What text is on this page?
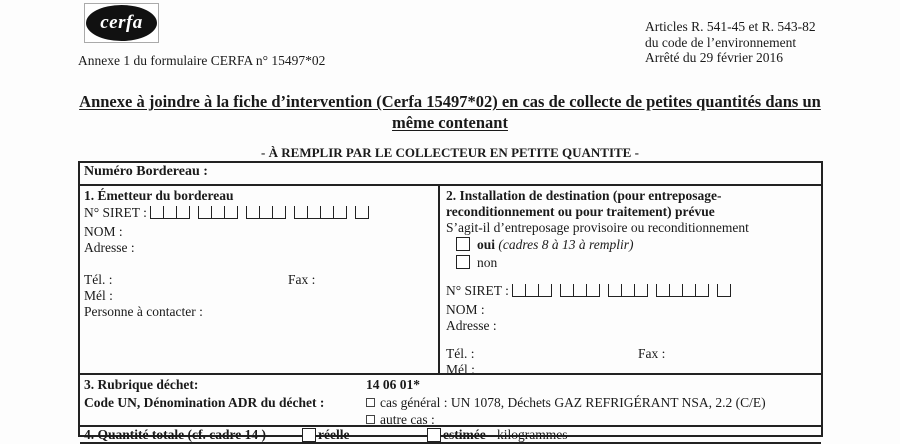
cerfa
Annexe 1 du formulaire CERFA n° 15497*02
Articles R. 541-45 et R. 543-82
du code de l’environnement
Arrêté du 29 février 2016
Annexe à joindre à la fiche d’intervention (Cerfa 15497*02) en cas de collecte de petites quantités dans un même contenant
- À REMPLIR PAR LE COLLECTEUR EN PETITE QUANTITE -
Numéro Bordereau :
1. Émetteur du bordereau
N° SIRET :
NOM :
Adresse :
Tél. :	Fax :
Mél :
Personne à contacter :
2. Installation de destination (pour entreposage-reconditionnement ou pour traitement) prévue
S’agit-il d’entreposage provisoire ou reconditionnement
oui (cadres 8 à 13 à remplir)
non
N° SIRET :
NOM :
Adresse :
Tél. :	Fax :
Mél :
3. Rubrique déchet:	14 06 01*
Code UN, Dénomination ADR du déchet :	cas général : UN 1078, Déchets GAZ REFRIGÉRANT NSA, 2.2 (C/E)
autre cas :
4. Quantité totale (cf. cadre 14 )	réelle	estimée kilogrammes
